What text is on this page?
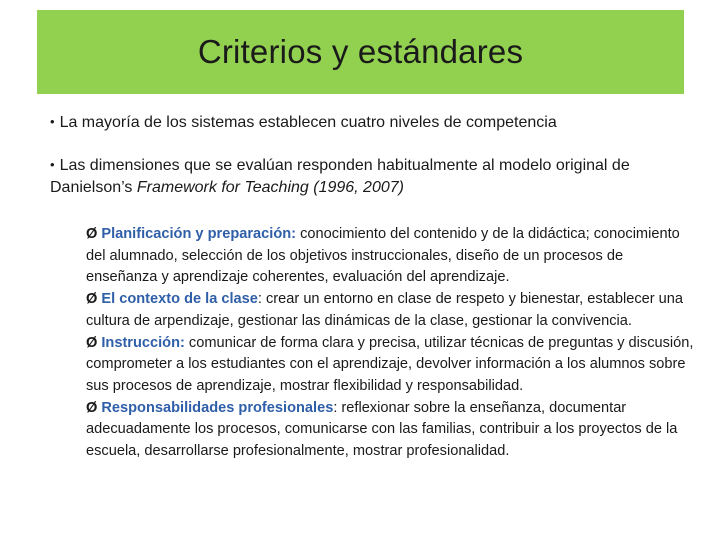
Criterios y estándares
• La mayoría de los sistemas establecen cuatro niveles de competencia
• Las dimensiones que se evalúan responden habitualmente al modelo original de Danielson’s Framework for Teaching (1996, 2007)

Ø Planificación y preparación: conocimiento del contenido y de la didáctica; conocimiento del alumnado, selección de los objetivos instruccionales, diseño de un procesos de enseñanza y aprendizaje coherentes, evaluación del aprendizaje.

Ø El contexto de la clase: crear un entorno en clase de respeto y bienestar, establecer una cultura de arpendizaje, gestionar las dinámicas de la clase, gestionar la convivencia.

Ø Instrucción: comunicar de forma clara y precisa, utilizar técnicas de preguntas y discusión, comprometer a los estudiantes con el aprendizaje, devolver información a los alumnos sobre sus procesos de aprendizaje, mostrar flexibilidad y responsabilidad.

Ø Responsabilidades profesionales: reflexionar sobre la enseñanza, documentar adecuadamente los procesos, comunicarse con las familias, contribuir a los proyectos de la escuela, desarrollarse profesionalmente, mostrar profesionalidad.
